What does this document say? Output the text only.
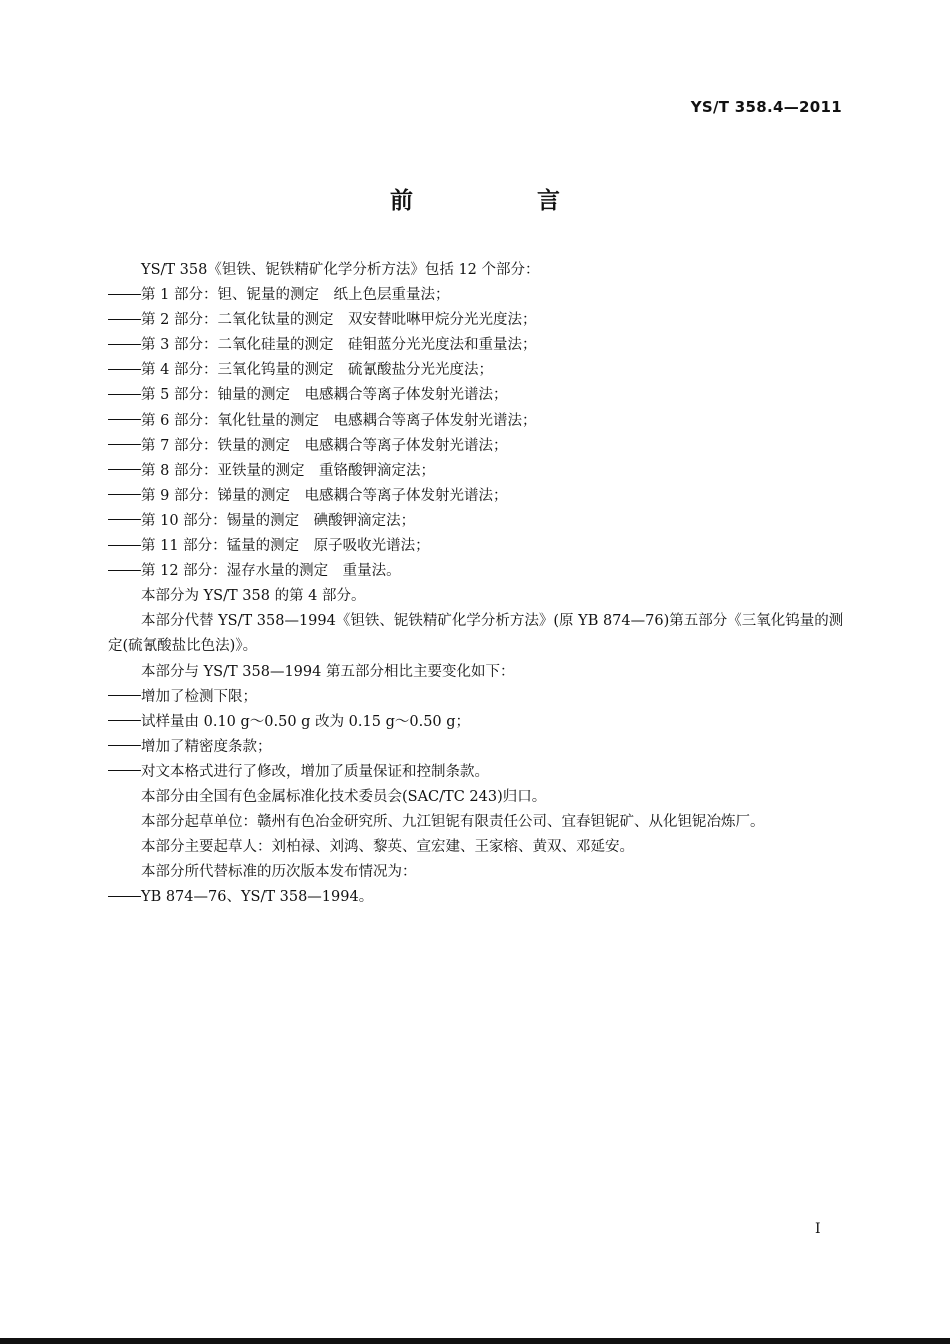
YS/T 358.4—2011
前 言

YS/T 358《钽铁、铌铁精矿化学分析方法》包括 12 个部分：

第 1 部分：钽、铌量的测定　纸上色层重量法；

第 2 部分：二氧化钛量的测定　双安替吡啉甲烷分光光度法；

第 3 部分：二氧化硅量的测定　硅钼蓝分光光度法和重量法；

第 4 部分：三氧化钨量的测定　硫氰酸盐分光光度法；

第 5 部分：铀量的测定　电感耦合等离子体发射光谱法；

第 6 部分：氧化钍量的测定　电感耦合等离子体发射光谱法；

第 7 部分：铁量的测定　电感耦合等离子体发射光谱法；

第 8 部分：亚铁量的测定　重铬酸钾滴定法；

第 9 部分：锑量的测定　电感耦合等离子体发射光谱法；

第 10 部分：锡量的测定　碘酸钾滴定法；

第 11 部分：锰量的测定　原子吸收光谱法；

第 12 部分：湿存水量的测定　重量法。

本部分为 YS/T 358 的第 4 部分。

本部分代替 YS/T 358—1994《钽铁、铌铁精矿化学分析方法》(原 YB 874—76)第五部分《三氧化钨量的测定(硫氰酸盐比色法)》。

本部分与 YS/T 358—1994 第五部分相比主要变化如下：

增加了检测下限；

试样量由 0.10 g～0.50 g 改为 0.15 g～0.50 g；

增加了精密度条款；

对文本格式进行了修改，增加了质量保证和控制条款。

本部分由全国有色金属标准化技术委员会(SAC/TC 243)归口。

本部分起草单位：赣州有色冶金研究所、九江钽铌有限责任公司、宜春钽铌矿、从化钽铌冶炼厂。

本部分主要起草人：刘柏禄、刘鸿、黎英、宣宏建、王家榕、黄双、邓延安。

本部分所代替标准的历次版本发布情况为：

YB 874—76、YS/T 358—1994。

I
